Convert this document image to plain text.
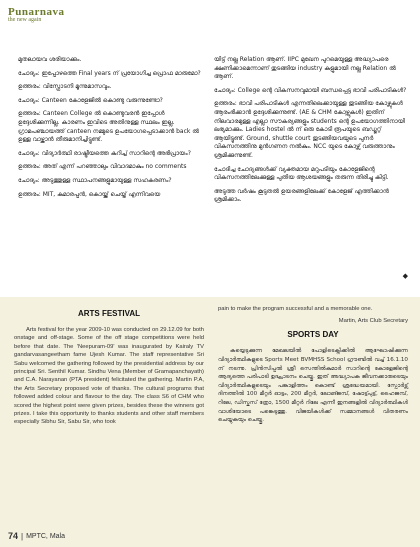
Punarnava
the new again

മുതലായവ ശരിയാക്കും.

ചോദ്യം: ഇപ്പോഴത്തെ Final years ന് പ്രയോഗിച്ച പ്രൊഫ മാരുമോ?

ഉത്തരം: വിസ്ഫോടനി മൂന്നുമാസവും.

ചോദ്യം: Canteen കോളേജിൽ കൊണ്ടു വരുന്നുണ്ടോ?

ഉത്തരം: Canteen College ൽ കൊണ്ടുവരൻ ഇപ്പോൾ ഉദ്ദേശിക്കുന്നില്ല. കാരണം ഇവിടെ അതിനുള്ള സ്ഥലം ഇല്ല. ഗ്രാമപഞ്ചായത്ത് canteen നമ്മുടെ ഉപയോഗപ്പെടാക്കാൻ back ൽ ഉള്ള വാഴ്ക്കാൻ തീരുമാനിച്ചിട്ടുണ്ട്.

ചോദ്യം: വിദ്യാർത്ഥി രാഷ്ട്രീയത്തെ കുറിച്ച് സാറിന്റെ അഭിപ്രായം?

ഉത്തരം: അത് എന്ന് പറഞ്ഞാലും വിവാദമാകും no comments

ചോദ്യം: അടുത്തുള്ള സ്ഥാപനങ്ങളുമായുള്ള സഹകരണം?

ഉത്തരം: MIT, കുമാരപ്പൻ, കൊയ്ക്ക് ചെയ്ത് എന്നിവയെ

യിട്ട് നല്ല Relation ആണ്. IIPC മുഖേന പുറമെയുള്ള അദ്ധ്യാപരെ ക്ഷണിക്കാമെന്നാണ് തുടങ്ങിയ industry കളുമായി നല്ല Relation ൽ ആണ്.

ചോദ്യം: College ന്റെ വികസനവുമായി ബന്ധപ്പെട്ട ഭാവി പരിപാടികൾ?

ഉത്തരം: ഭാവി പരിപാടികൾ എന്നതിലെക്കായുള്ള തുടങ്ങിയ കോഴ്സുകൾ ആരംഭിക്കാൻ ഉദ്ദേശിക്കുന്നുണ്ട്. (AE & CHM കോഴ്സുകൾ) ഇതിന് നിലവാരമുള്ള എല്ലാ സൗകര്യങ്ങളും students ന്റെ ഉപയോഗത്തിനായി ലഭ്യമാക്കും. Ladies hostel ൽ ന് ഒരു കോടി രൂപയുടെ ബഡ്ജറ്റ് ആയിട്ടുണ്ട്. Ground, shuttle court തുടങ്ങിയവയുടെ പുനർ വികസനത്തിനു മുൻഗണന നൽകും. NCC യുടെ കോഴ്സ് വരുത്താനും ശ്രമിക്കുന്നുണ്ട്.

ചോദിച്ച ചോദ്യങ്ങൾക്ക് വ്യക്തമായ മറുപടിയും കോളേജിന്റെ വികസനത്തിലേക്കുള്ള പുതിയ ആശയങ്ങളും തരുന്ന തിരിച്ചു കിട്ടി.

അടുത്ത വർഷം കൂടുതൽ ഉയരങ്ങളിലേക്ക് കോളേജ് എത്തിക്കാൻ ശ്രമിക്കാം.

◆
ARTS FESTIVAL

Arts festival for the year 2009-10 was conducted on 29.12.09 for both onstage and off-stage. Some of the off stage competitions were held before that date. The 'Neepuram-09' was inaugurated by Kairaly TV gandarvasangeetham fame Ujesh Kumar. The staff representative Sri Sabu welcomed the gathering followed by the presidential address by our principal Sri. Senthil Kumar. Sindhu Vena (Member of Gramapanchayath) and C.A. Narayanan (PTA president) felicitated the gathering. Martin P.A, the Arts Secretary proposed vote of thanks. The cultural programs that followed added colour and flavour to the day. The class S6 of CHM who scored the highest point were given prizes, besides these the winners got prizes. I take this opportunity to thanks students and other staff members especially Sibhu Sir, Sabu Sir, who took

pain to make the program successful and a memorable one.

Martin, Arts Club Secretary
SPORTS DAY

കയ്യെടുക്കുന്ന മേഖലയിൽ പോളിടെക്നിക്കിൽ ആഘോഷിക്കുന്ന വിദ്യാർത്ഥികളുടെ Sports Meet BVMHSS School ഗ്രൗണ്ടിൽ വച്ച് 16.1.10 ന് നടന്നു. പ്രിൻസിപ്പൽ ശ്രീ സെന്തിൽകുമാർ സാറിന്റെ കോളേജിന്റെ ആദ്യത്തെ പരിപാടി ഉദ്ഘാടനം ചെയ്തു. ഇത് അദ്ധ്യാപക ജീവനക്കാരുടെയും വിദ്യാർത്ഥികളുടെയും പങ്കാളിത്തം കൊണ്ട് ശ്രദ്ധേയമായി. സ്പോർട്സ് ദിനത്തിൽ 100 മീറ്റർ ഓട്ടം, 200 മീറ്റർ, ലോങ്ജമ്പ്, ഷോട്ട്പുട്ട്, ഹൈജമ്പ്, റിലേ, ഡിസ്കസ് ത്രോ, 1500 മീറ്റർ റിലേ എന്നീ ഇനങ്ങളിൽ വിദ്യാർത്ഥികൾ വാശിയോടെ പങ്കെടുത്തു. വിജയികൾക്ക് സമ്മാനങ്ങൾ വിതരണം ചെയ്യുകയും ചെയ്തു.

74 | MPTC, Mala
